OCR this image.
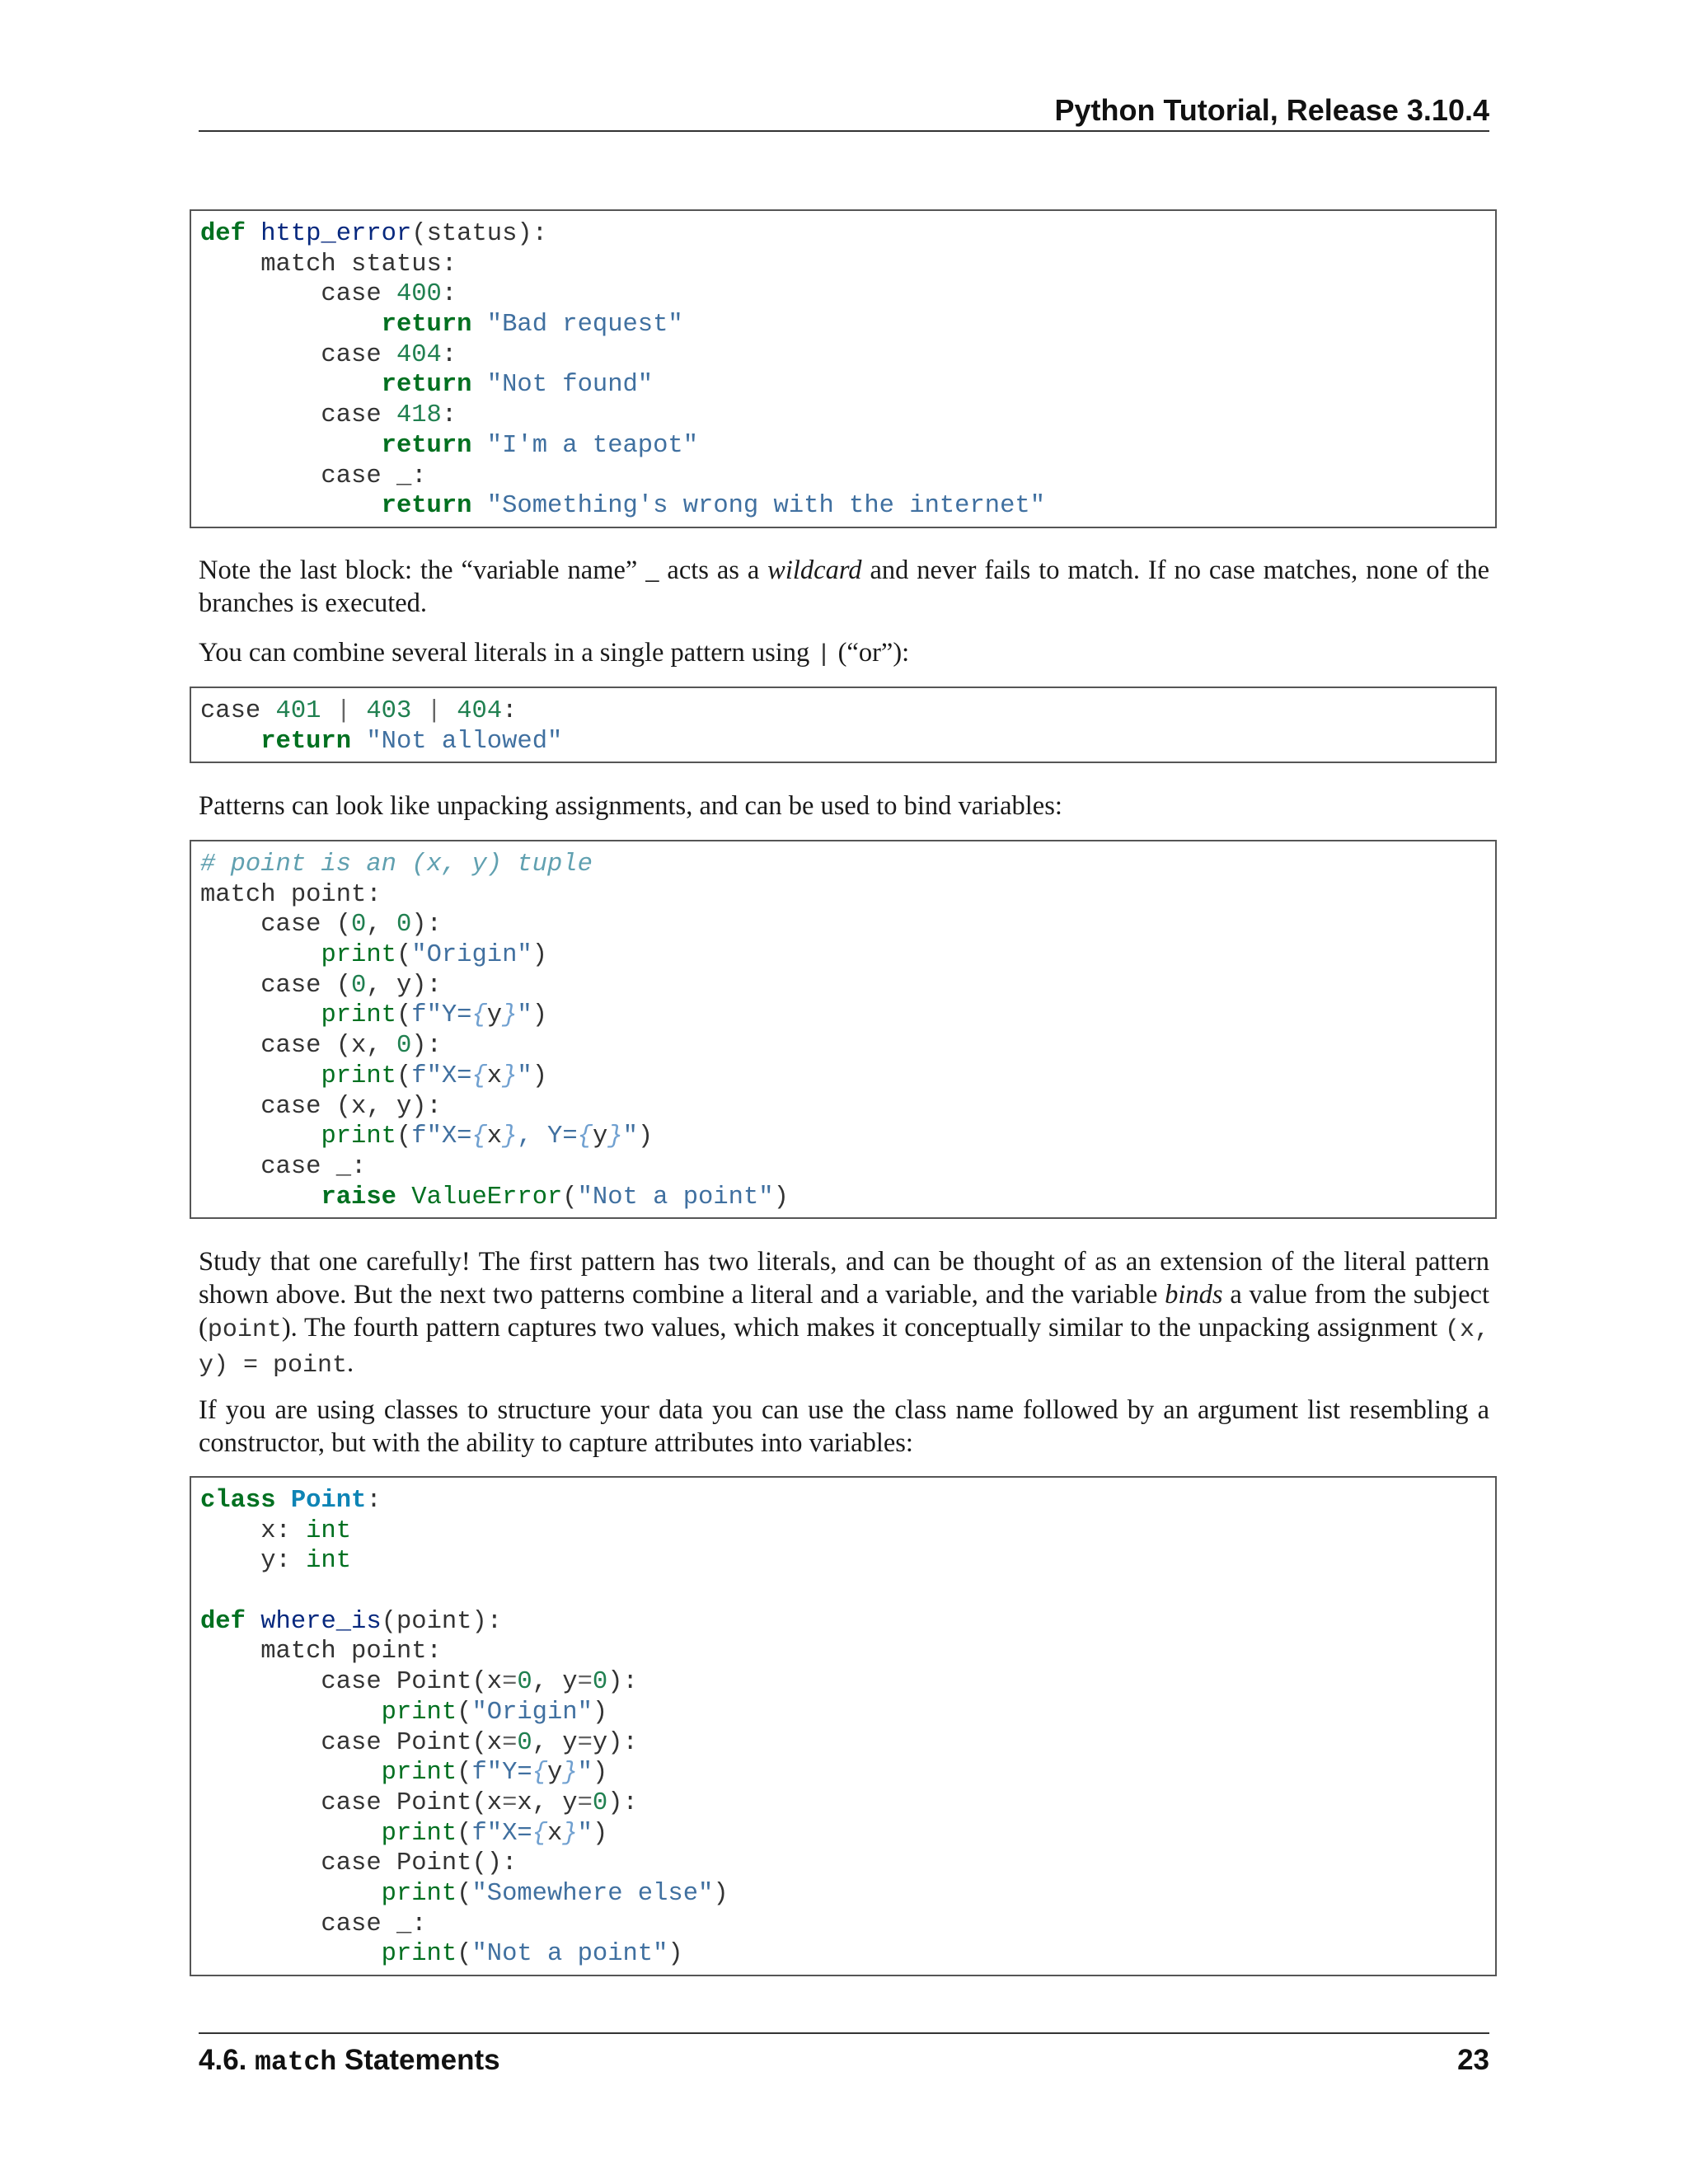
Python Tutorial, Release 3.10.4
def http_error(status):
match status:
case 400:
return "Bad request"
case 404:
return "Not found"
case 418:
return "I'm a teapot"
case _:
return "Something's wrong with the internet"
Note the last block: the “variable name” _ acts as a wildcard and never fails to match. If no case matches, none of the branches is executed.
You can combine several literals in a single pattern using | (“or”):
case 401 | 403 | 404:
return "Not allowed"
Patterns can look like unpacking assignments, and can be used to bind variables:
# point is an (x, y) tuple
match point:
case (0, 0):
print("Origin")
case (0, y):
print(f"Y={y}")
case (x, 0):
print(f"X={x}")
case (x, y):
print(f"X={x}, Y={y}")
case _:
raise ValueError("Not a point")
Study that one carefully! The first pattern has two literals, and can be thought of as an extension of the literal pattern shown above. But the next two patterns combine a literal and a variable, and the variable binds a value from the subject (point). The fourth pattern captures two values, which makes it conceptually similar to the unpacking assignment (x, y) = point.
If you are using classes to structure your data you can use the class name followed by an argument list resembling a constructor, but with the ability to capture attributes into variables:
class Point:
x: int
y: int
def where_is(point):
match point:
case Point(x=0, y=0):
print("Origin")
case Point(x=0, y=y):
print(f"Y={y}")
case Point(x=x, y=0):
print(f"X={x}")
case Point():
print("Somewhere else")
case _:
print("Not a point")
4.6. match Statements	23
